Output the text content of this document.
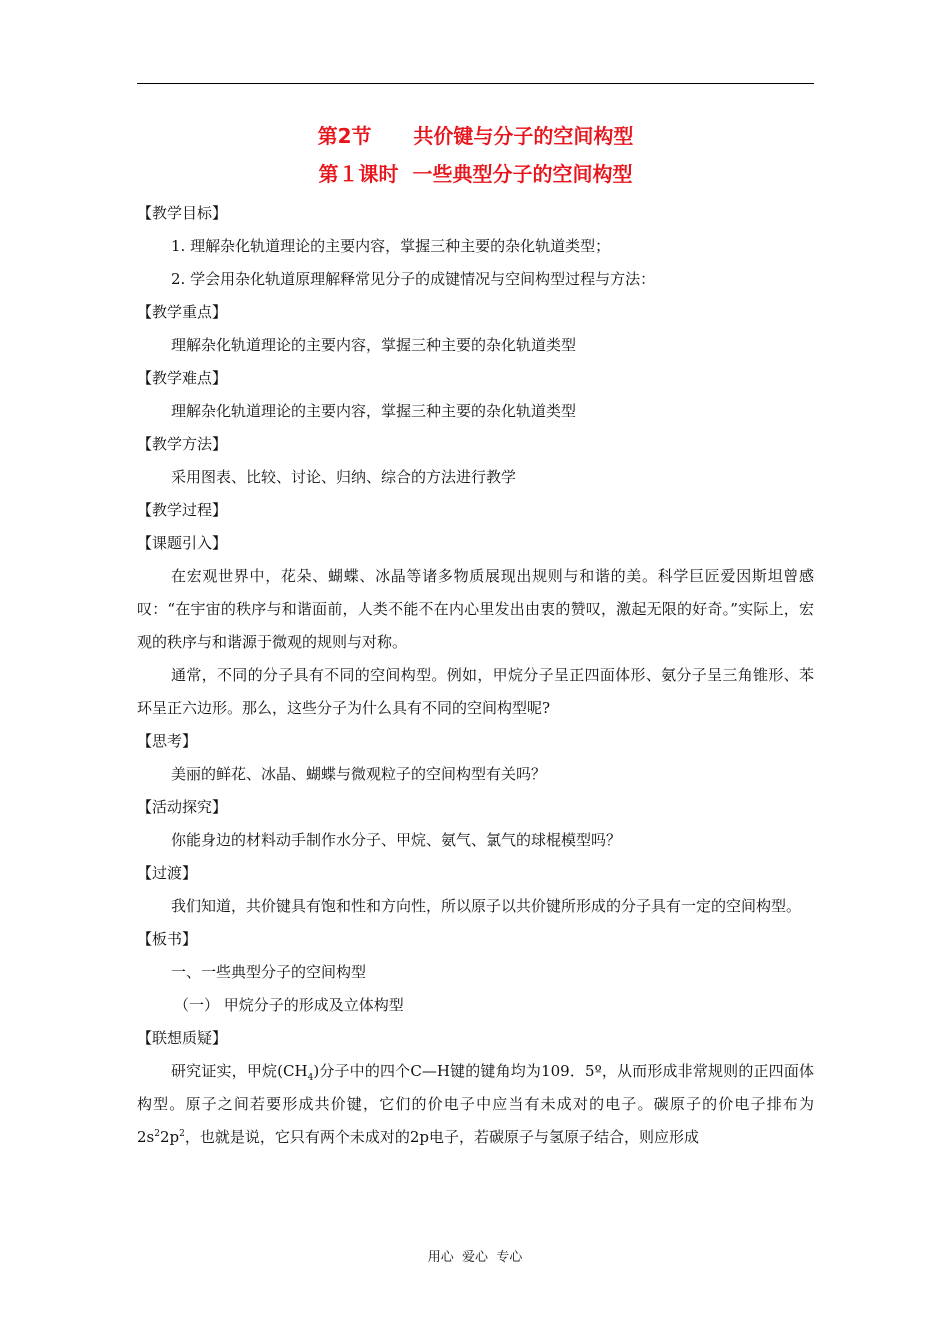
第2节      共价键与分子的空间构型
第１课时  一些典型分子的空间构型
【教学目标】
1. 理解杂化轨道理论的主要内容，掌握三种主要的杂化轨道类型；
2. 学会用杂化轨道原理解释常见分子的成键情况与空间构型过程与方法：
【教学重点】
理解杂化轨道理论的主要内容，掌握三种主要的杂化轨道类型
【教学难点】
理解杂化轨道理论的主要内容，掌握三种主要的杂化轨道类型
【教学方法】
采用图表、比较、讨论、归纳、综合的方法进行教学
【教学过程】
【课题引入】
在宏观世界中，花朵、蝴蝶、冰晶等诸多物质展现出规则与和谐的美。科学巨匠爱因斯坦曾感叹：“在宇宙的秩序与和谐面前，人类不能不在内心里发出由衷的赞叹，激起无限的好奇。”实际上，宏观的秩序与和谐源于微观的规则与对称。
通常，不同的分子具有不同的空间构型。例如，甲烷分子呈正四面体形、氨分子呈三角锥形、苯环呈正六边形。那么，这些分子为什么具有不同的空间构型呢?
【思考】
美丽的鲜花、冰晶、蝴蝶与微观粒子的空间构型有关吗？
【活动探究】
你能身边的材料动手制作水分子、甲烷、氨气、氯气的球棍模型吗？
【过渡】
我们知道，共价键具有饱和性和方向性，所以原子以共价键所形成的分子具有一定的空间构型。
【板书】
一、一些典型分子的空间构型
（一） 甲烷分子的形成及立体构型
【联想质疑】
研究证实，甲烷$(CH_4)$分子中的四个C—H键的键角均为109．5º，从而形成非常规则的正四面体构型。原子之间若要形成共价键，它们的价电子中应当有未成对的电子。碳原子的价电子排布为$2s^22p^2$，也就是说，它只有两个未成对的2p电子，若碳原子与氢原子结合，则应形成
用心  爱心  专心
